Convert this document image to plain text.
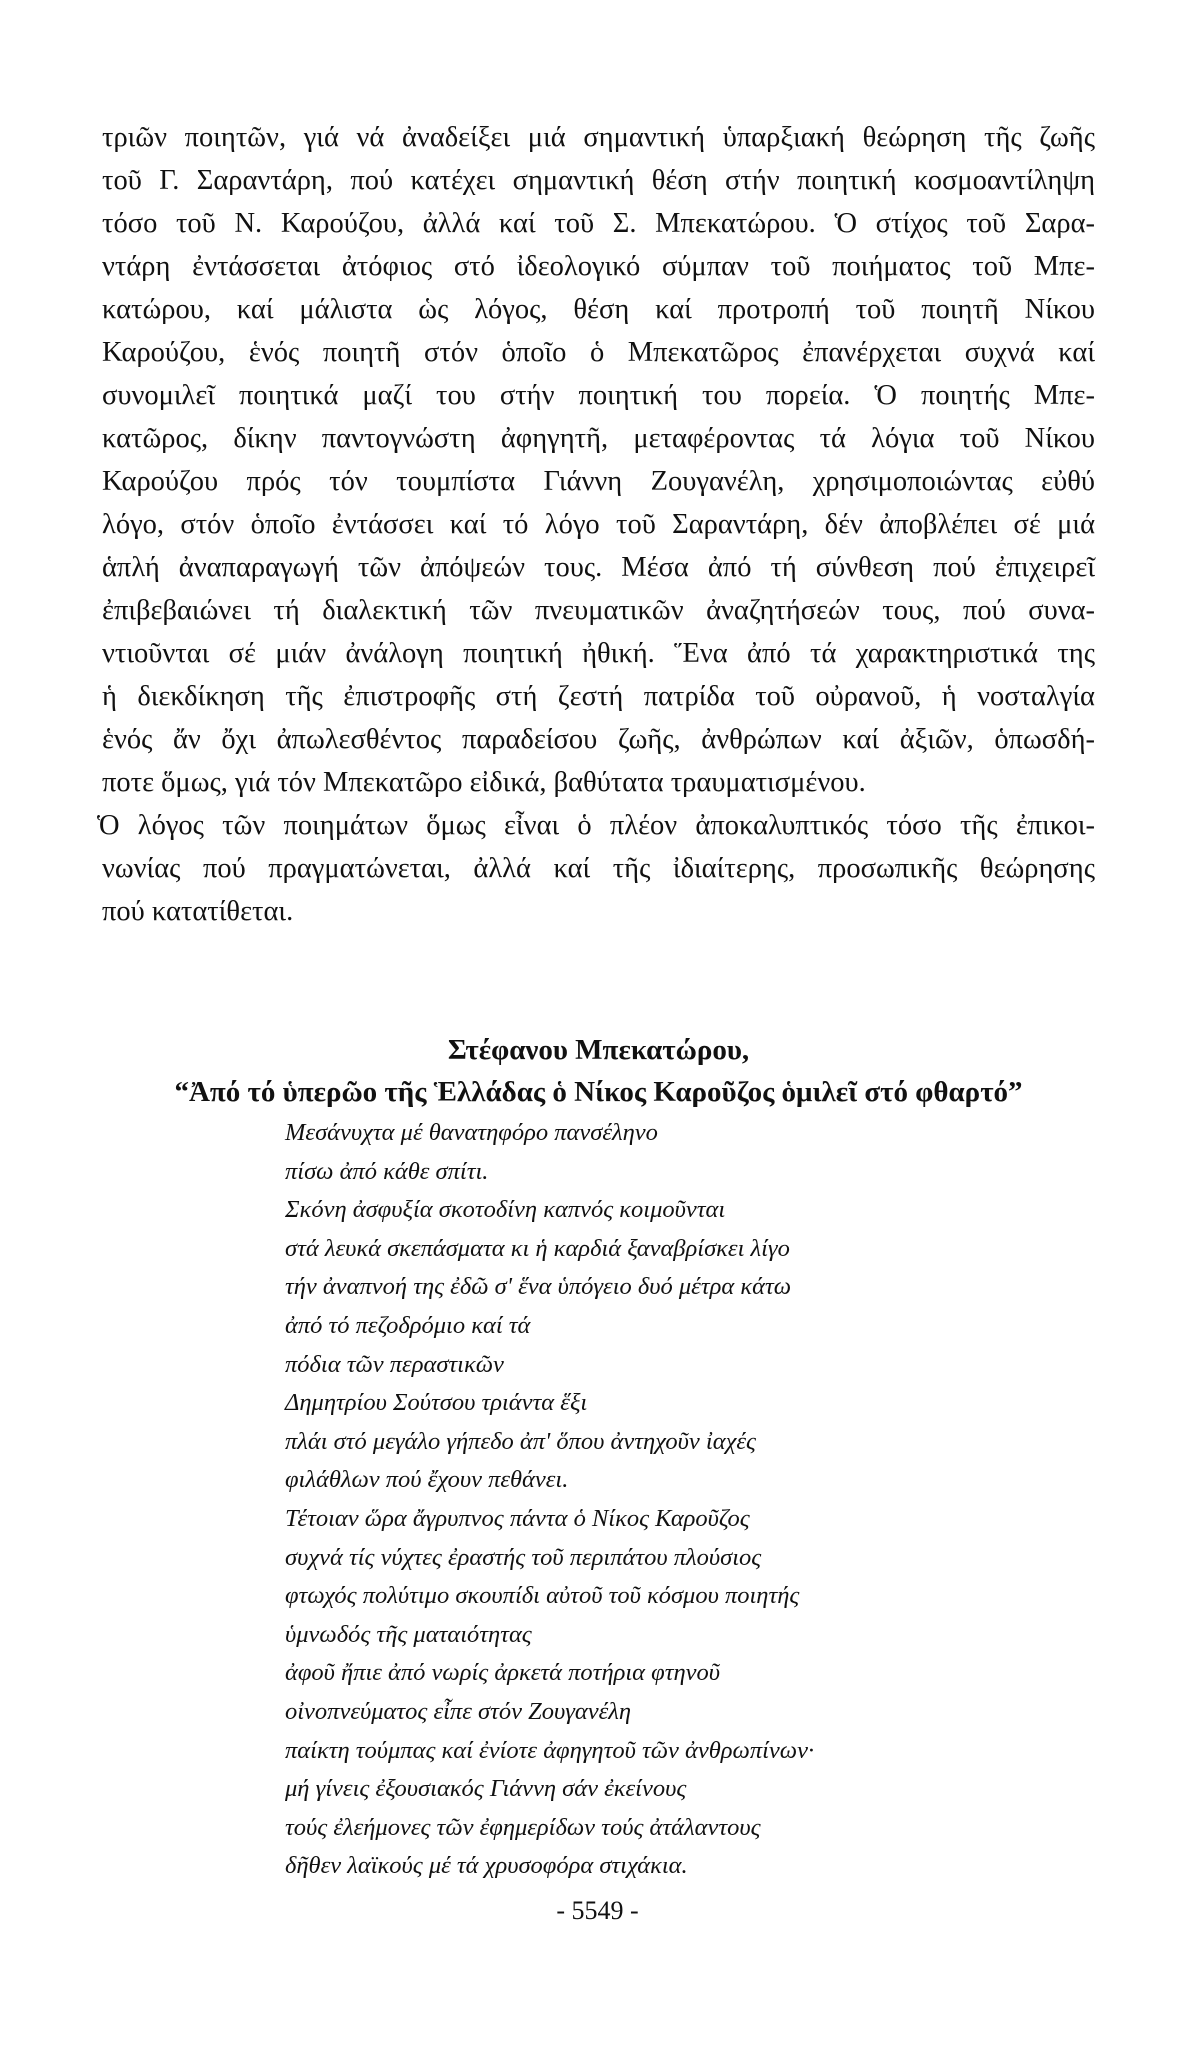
τριῶν ποιητῶν, γιά νά ἀναδείξει μιά σημαντική ὑπαρξιακή θεώρηση τῆς ζωῆς
τοῦ Γ. Σαραντάρη, πού κατέχει σημαντική θέση στήν ποιητική κοσμοαντίληψη
τόσο τοῦ Ν. Καρούζου, ἀλλά καί τοῦ Σ. Μπεκατώρου. Ὁ στίχος τοῦ Σαρα-
ντάρη ἐντάσσεται ἀτόφιος στό ἰδεολογικό σύμπαν τοῦ ποιήματος τοῦ Μπε-
κατώρου, καί μάλιστα ὡς λόγος, θέση καί προτροπή τοῦ ποιητῆ Νίκου
Καρούζου, ἑνός ποιητῆ στόν ὁποῖο ὁ Μπεκατῶρος ἐπανέρχεται συχνά καί
συνομιλεῖ ποιητικά μαζί του στήν ποιητική του πορεία. Ὁ ποιητής Μπε-
κατῶρος, δίκην παντογνώστη ἀφηγητῆ, μεταφέροντας τά λόγια τοῦ Νίκου
Καρούζου πρός τόν τουμπίστα Γιάννη Ζουγανέλη, χρησιμοποιώντας εὐθύ
λόγο, στόν ὁποῖο ἐντάσσει καί τό λόγο τοῦ Σαραντάρη, δέν ἀποβλέπει σέ μιά
ἁπλή ἀναπαραγωγή τῶν ἀπόψεών τους. Μέσα ἀπό τή σύνθεση πού ἐπιχειρεῖ
ἐπιβεβαιώνει τή διαλεκτική τῶν πνευματικῶν ἀναζητήσεών τους, πού συνα-
ντιοῦνται σέ μιάν ἀνάλογη ποιητική ἠθική. Ἕνα ἀπό τά χαρακτηριστικά της
ἡ διεκδίκηση τῆς ἐπιστροφῆς στή ζεστή πατρίδα τοῦ οὐρανοῦ, ἡ νοσταλγία
ἑνός ἄν ὄχι ἀπωλεσθέντος παραδείσου ζωῆς, ἀνθρώπων καί ἀξιῶν, ὁπωσδή-
ποτε ὅμως, γιά τόν Μπεκατῶρο εἰδικά, βαθύτατα τραυματισμένου.
Ὁ λόγος τῶν ποιημάτων ὅμως εἶναι ὁ πλέον ἀποκαλυπτικός τόσο τῆς ἐπικοι-
νωνίας πού πραγματώνεται, ἀλλά καί τῆς ἰδιαίτερης, προσωπικῆς θεώρησης
πού κατατίθεται.
Στέφανου Μπεκατώρου,
“Ἀπό τό ὑπερῶο τῆς Ἑλλάδας ὁ Νίκος Καροῦζος ὁμιλεῖ στό φθαρτό”
Μεσάνυχτα μέ θανατηφόρο πανσέληνο
πίσω ἀπό κάθε σπίτι.
Σκόνη ἀσφυξία σκοτοδίνη καπνός κοιμοῦνται
στά λευκά σκεπάσματα κι ἡ καρδιά ξαναβρίσκει λίγο
τήν ἀναπνοή της ἐδῶ σ' ἕνα ὑπόγειο δυό μέτρα κάτω
ἀπό τό πεζοδρόμιο καί τά
πόδια τῶν περαστικῶν
Δημητρίου Σούτσου τριάντα ἕξι
πλάι στό μεγάλο γήπεδο ἀπ' ὅπου ἀντηχοῦν ἰαχές
φιλάθλων πού ἔχουν πεθάνει.
Τέτοιαν ὥρα ἄγρυπνος πάντα ὁ Νίκος Καροῦζος
συχνά τίς νύχτες ἐραστής τοῦ περιπάτου πλούσιος
φτωχός πολύτιμο σκουπίδι αὐτοῦ τοῦ κόσμου ποιητής
ὑμνωδός τῆς ματαιότητας
ἀφοῦ ἤπιε ἀπό νωρίς ἀρκετά ποτήρια φτηνοῦ
οἰνοπνεύματος εἶπε στόν Ζουγανέλη
παίκτη τούμπας καί ἐνίοτε ἀφηγητοῦ τῶν ἀνθρωπίνων·
μή γίνεις ἐξουσιακός Γιάννη σάν ἐκείνους
τούς ἐλεήμονες τῶν ἐφημερίδων τούς ἀτάλαντους
δῆθεν λαϊκούς μέ τά χρυσοφόρα στιχάκια.
- 5549 -
